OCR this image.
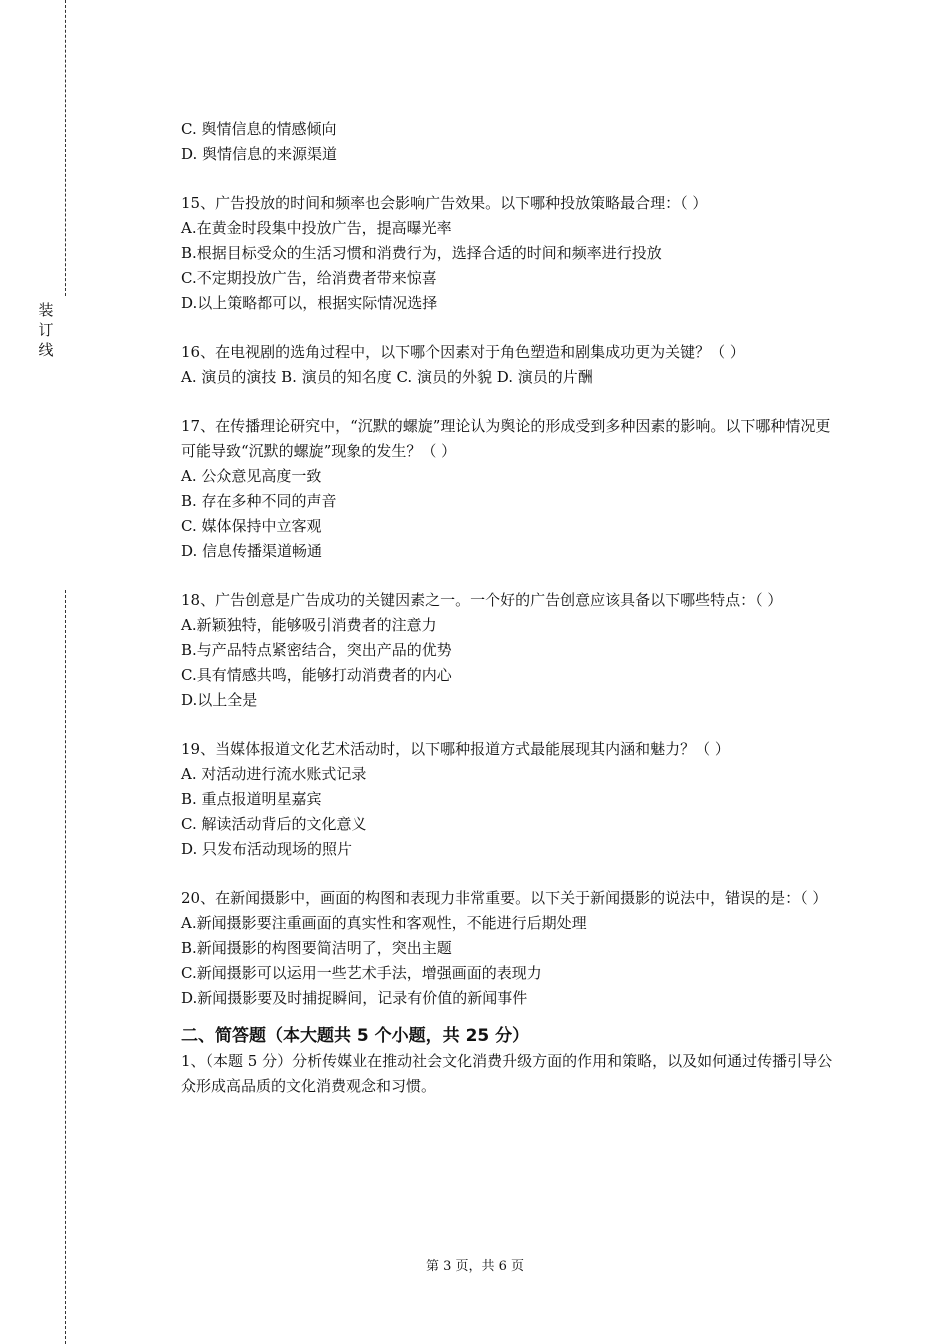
装
订
线

C. 舆情信息的情感倾向

D. 舆情信息的来源渠道

15、广告投放的时间和频率也会影响广告效果。以下哪种投放策略最合理：（ ）

A.在黄金时段集中投放广告，提高曝光率

B.根据目标受众的生活习惯和消费行为，选择合适的时间和频率进行投放

C.不定期投放广告，给消费者带来惊喜

D.以上策略都可以，根据实际情况选择

16、在电视剧的选角过程中，以下哪个因素对于角色塑造和剧集成功更为关键？（ ）

A. 演员的演技 B. 演员的知名度 C. 演员的外貌 D. 演员的片酬

17、在传播理论研究中，“沉默的螺旋”理论认为舆论的形成受到多种因素的影响。以下哪种情况更可能导致“沉默的螺旋”现象的发生？（ ）

A. 公众意见高度一致

B. 存在多种不同的声音

C. 媒体保持中立客观

D. 信息传播渠道畅通

18、广告创意是广告成功的关键因素之一。一个好的广告创意应该具备以下哪些特点：（ ）

A.新颖独特，能够吸引消费者的注意力

B.与产品特点紧密结合，突出产品的优势

C.具有情感共鸣，能够打动消费者的内心

D.以上全是

19、当媒体报道文化艺术活动时，以下哪种报道方式最能展现其内涵和魅力？（ ）

A. 对活动进行流水账式记录

B. 重点报道明星嘉宾

C. 解读活动背后的文化意义

D. 只发布活动现场的照片

20、在新闻摄影中，画面的构图和表现力非常重要。以下关于新闻摄影的说法中，错误的是：（ ）

A.新闻摄影要注重画面的真实性和客观性，不能进行后期处理

B.新闻摄影的构图要简洁明了，突出主题

C.新闻摄影可以运用一些艺术手法，增强画面的表现力

D.新闻摄影要及时捕捉瞬间，记录有价值的新闻事件

二、简答题（本大题共 5 个小题，共 25 分）

1、（本题 5 分）分析传媒业在推动社会文化消费升级方面的作用和策略，以及如何通过传播引导公众形成高品质的文化消费观念和习惯。

第 3 页，共 6 页
